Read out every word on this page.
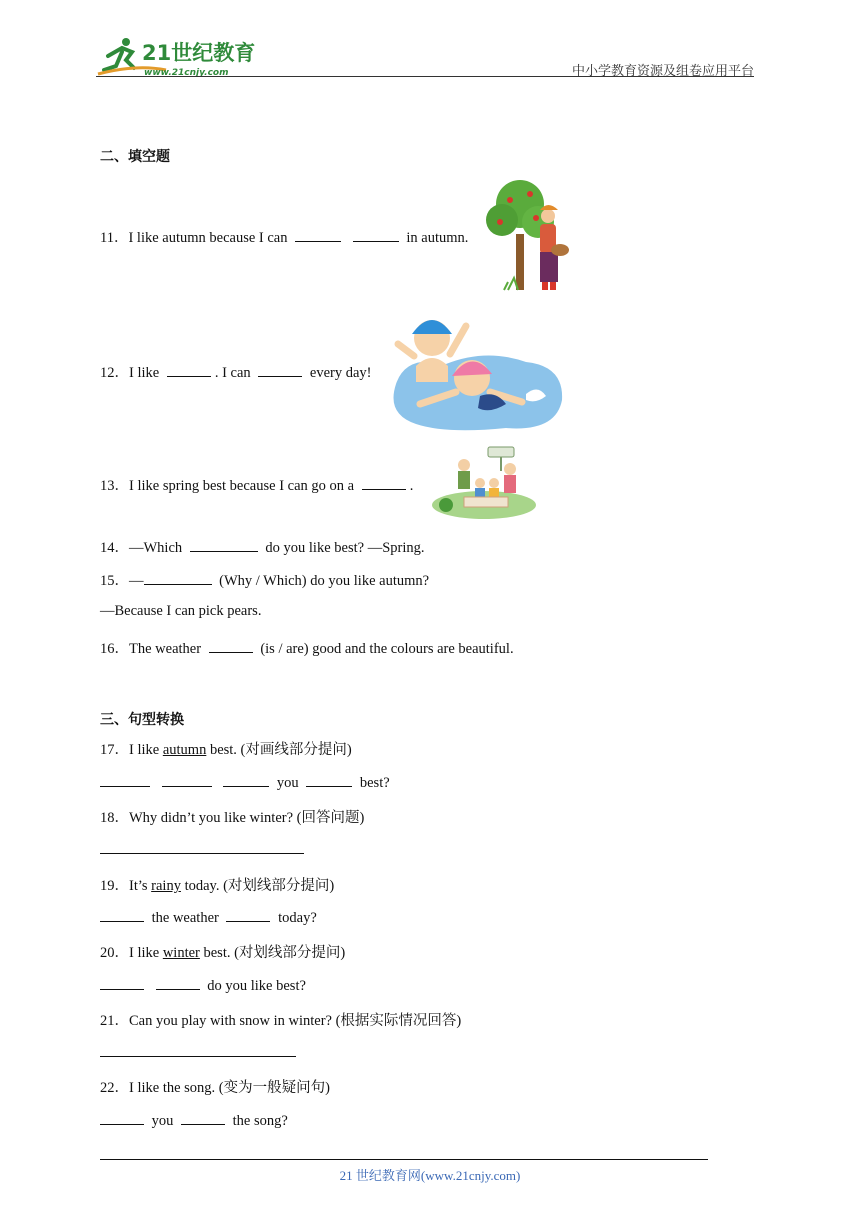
21世纪教育
www.21cnjy.com	中小学教育资源及组卷应用平台
二、填空题
11．I like autumn because I can	in autumn.
12．I like	. I can	every day!
13．I like spring best because I can go on a	.
14．—Which	do you like best? —Spring.
15．—	(Why / Which) do you like autumn?
—Because I can pick pears.
16．The weather	(is / are) good and the colours are beautiful.
三、句型转换
17．I like autumn best. (对画线部分提问)
you	best?
18．Why didn’t you like winter? (回答问题)
19．It’s rainy today. (对划线部分提问)
the weather	today?
20．I like winter best. (对划线部分提问)
do you like best?
21．Can you play with snow in winter? (根据实际情况回答)
22．I like the song. (变为一般疑问句)
you	the song?
21 世纪教育网(www.21cnjy.com)
